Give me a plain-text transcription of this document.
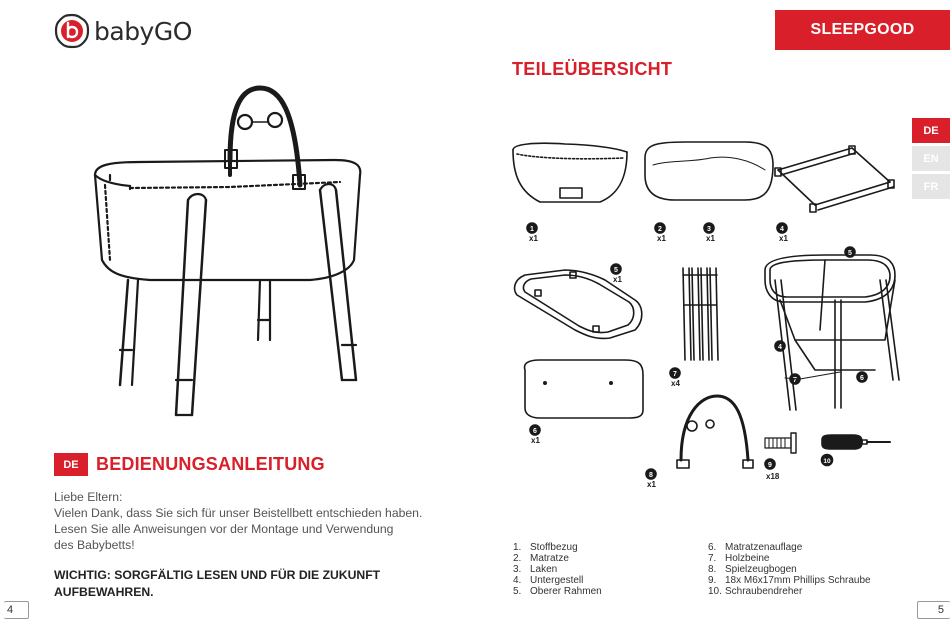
babyGO
DE BEDIENUNGSANLEITUNG

Liebe Eltern:

Vielen Dank, dass Sie sich für unser Beistellbett entschieden haben.

Lesen Sie alle Anweisungen vor der Montage und Verwendung

des Babybetts!

WICHTIG: SORGFÄLTIG LESEN UND FÜR DIE ZUKUNFT

AUFBEWAHREN.

4
SLEEPGOOD
TEILEÜBERSICHT
DE
EN
FR
1
x1
2
x1
3
x1
4
x1
5
x1
7
x4
5
4
7	6
6
x1
8
x1
9
x18
10
1. Stoffbezug
2. Matratze
3. Laken
4. Untergestell
5. Oberer Rahmen
6. Matratzenauflage
7. Holzbeine
8. Spielzeugbogen
9. 18x M6x17mm Phillips Schraube
10. Schraubendreher
5
